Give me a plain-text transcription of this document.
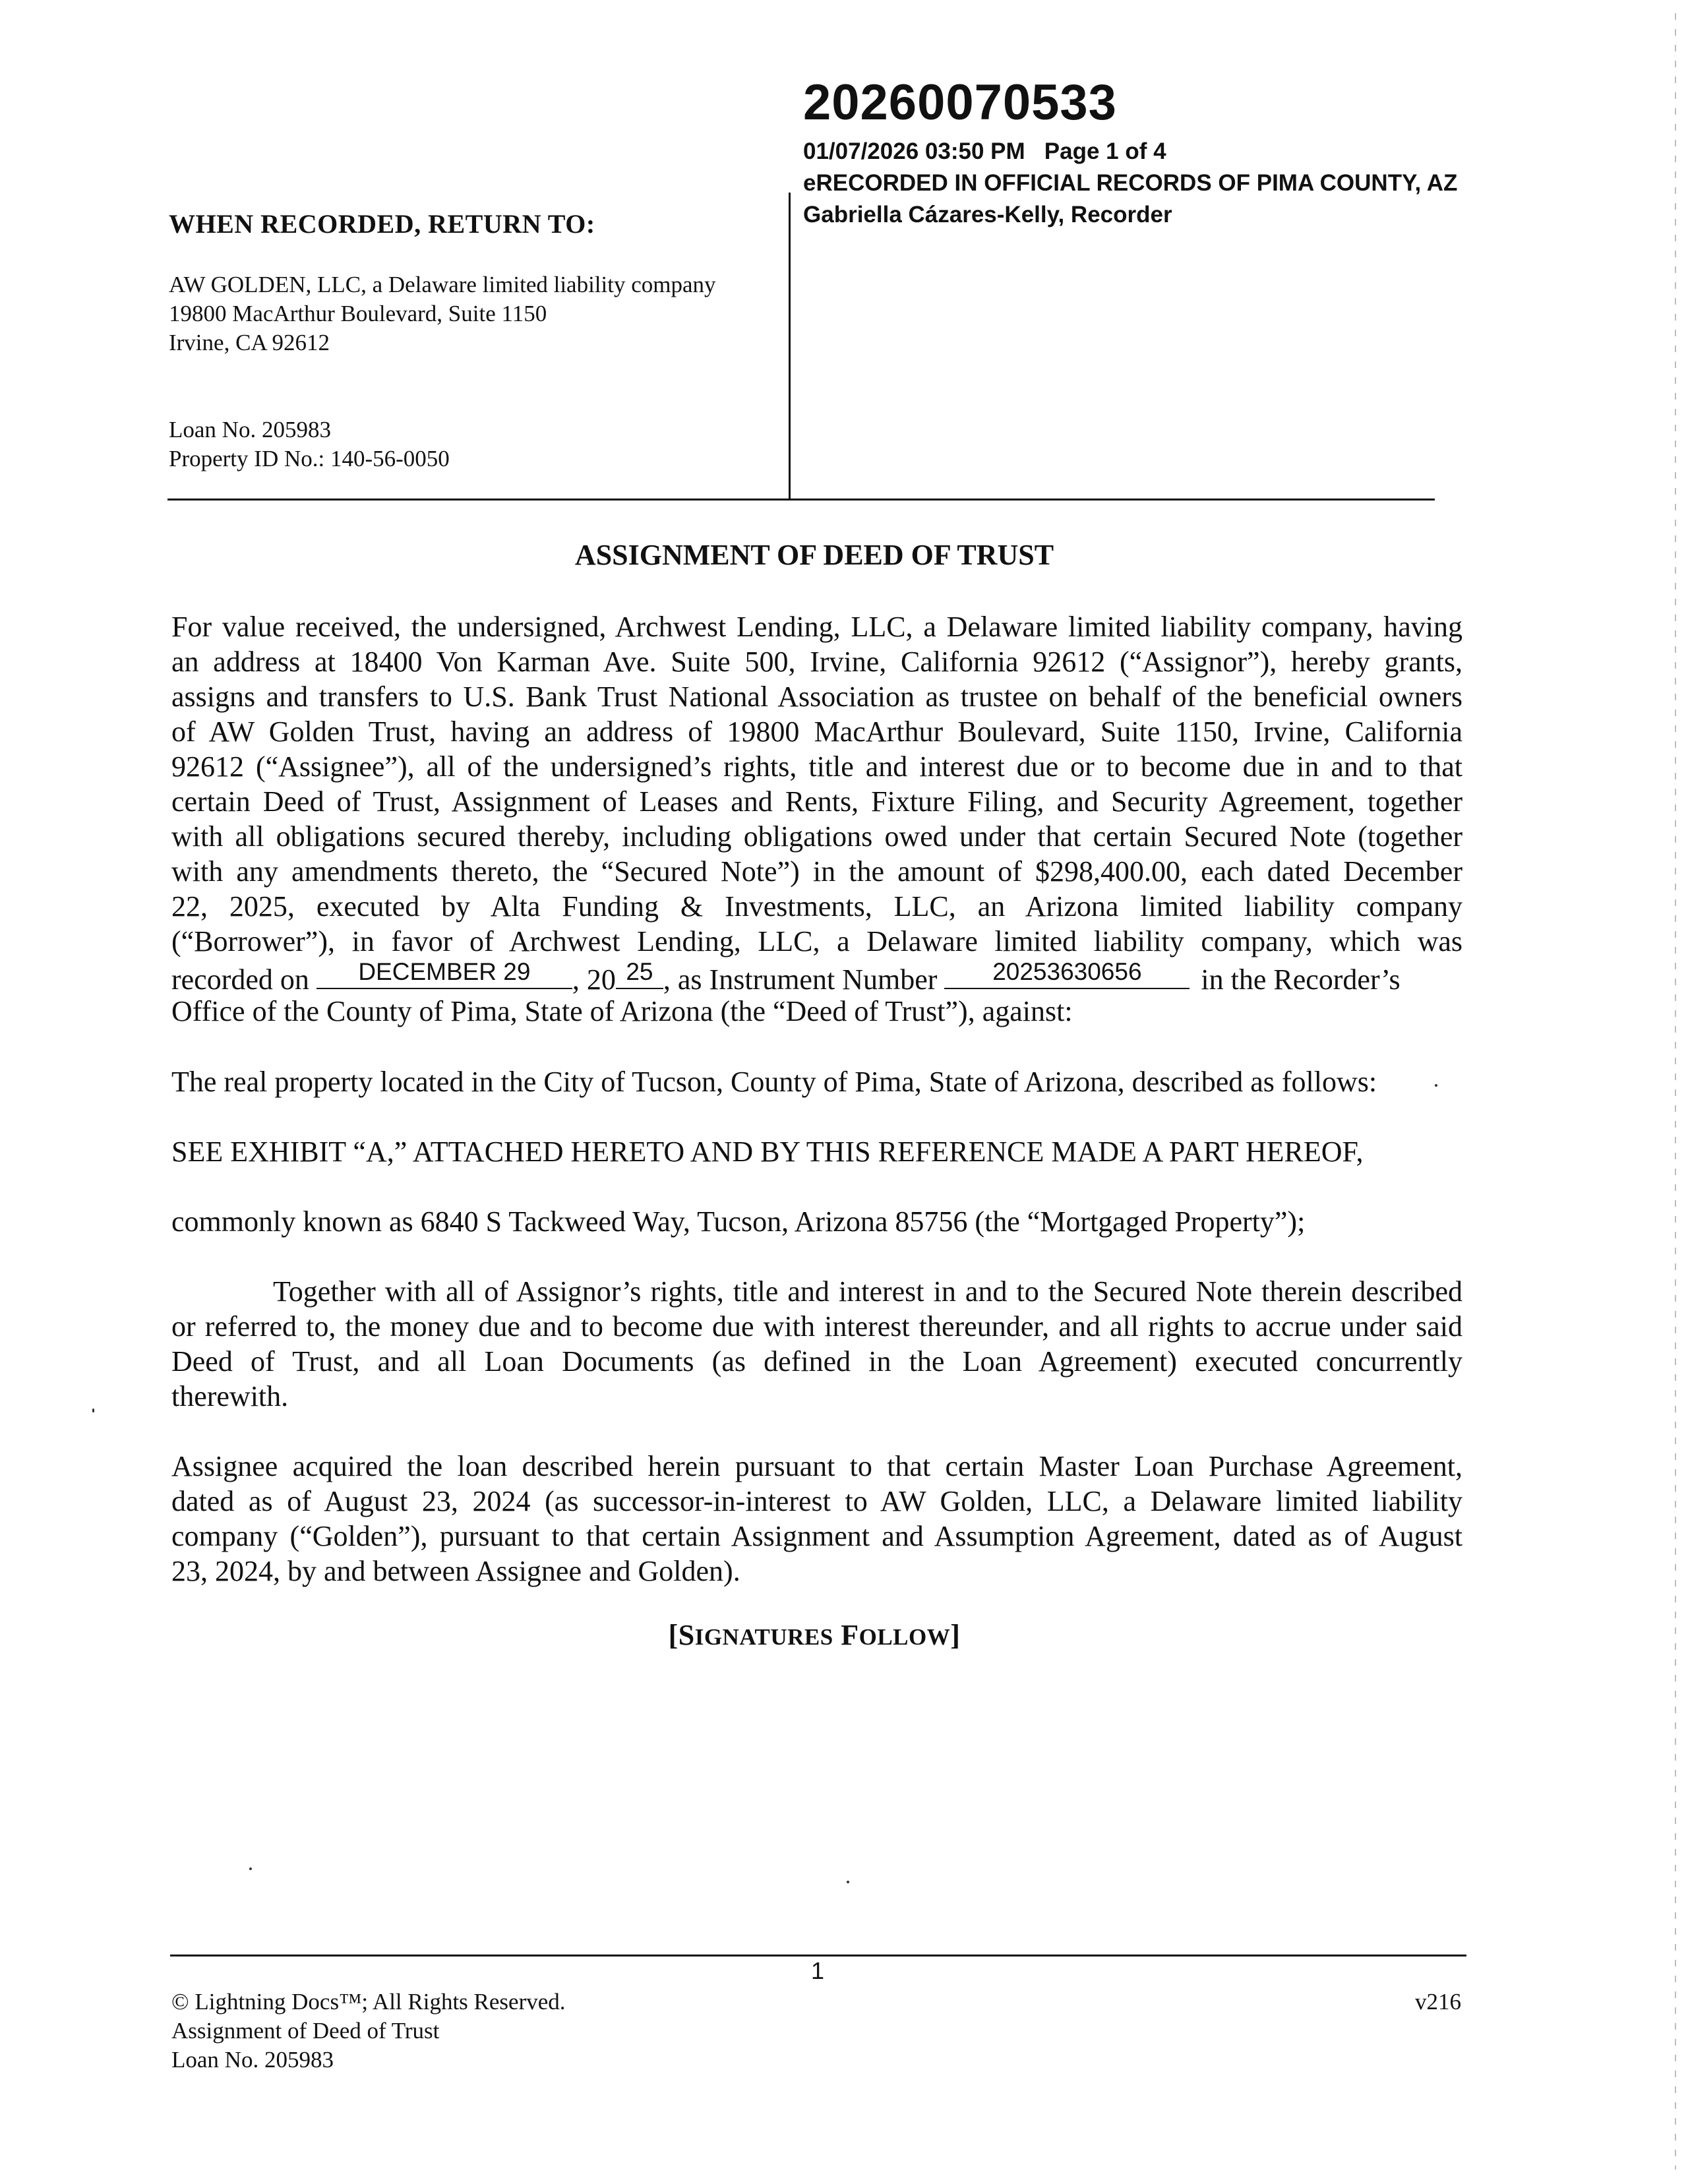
20260070533
01/07/2026 03:50 PM   Page 1 of 4
eRECORDED IN OFFICIAL RECORDS OF PIMA COUNTY, AZ
Gabriella Cázares-Kelly, Recorder
WHEN RECORDED, RETURN TO:
AW GOLDEN, LLC, a Delaware limited liability company
19800 MacArthur Boulevard, Suite 1150
Irvine, CA 92612
Loan No. 205983
Property ID No.: 140-56-0050
ASSIGNMENT OF DEED OF TRUST
For value received, the undersigned, Archwest Lending, LLC, a Delaware limited liability company, having
an address at 18400 Von Karman Ave. Suite 500, Irvine, California 92612 (“Assignor”), hereby grants,
assigns and transfers to U.S. Bank Trust National Association as trustee on behalf of the beneficial owners
of AW Golden Trust, having an address of 19800 MacArthur Boulevard, Suite 1150, Irvine, California
92612 (“Assignee”), all of the undersigned’s rights, title and interest due or to become due in and to that
certain Deed of Trust, Assignment of Leases and Rents, Fixture Filing, and Security Agreement, together
with all obligations secured thereby, including obligations owed under that certain Secured Note (together
with any amendments thereto, the “Secured Note”) in the amount of $298,400.00, each dated December
22, 2025, executed by Alta Funding & Investments, LLC, an Arizona limited liability company
(“Borrower”), in favor of Archwest Lending, LLC, a Delaware limited liability company, which was
recorded on	DECEMBER 29	, 20 25 , as Instrument Number	20253630656	in the Recorder’s
Office of the County of Pima, State of Arizona (the “Deed of Trust”), against:
The real property located in the City of Tucson, County of Pima, State of Arizona, described as follows:
SEE EXHIBIT “A,” ATTACHED HERETO AND BY THIS REFERENCE MADE A PART HEREOF,
commonly known as 6840 S Tackweed Way, Tucson, Arizona 85756 (the “Mortgaged Property”);
Together with all of Assignor’s rights, title and interest in and to the Secured Note therein described
or referred to, the money due and to become due with interest thereunder, and all rights to accrue under said
Deed of Trust, and all Loan Documents (as defined in the Loan Agreement) executed concurrently
therewith.
Assignee acquired the loan described herein pursuant to that certain Master Loan Purchase Agreement,
dated as of August 23, 2024 (as successor-in-interest to AW Golden, LLC, a Delaware limited liability
company (“Golden”), pursuant to that certain Assignment and Assumption Agreement, dated as of August
23, 2024, by and between Assignee and Golden).
[SIGNATURES FOLLOW]
1
© Lightning Docs™; All Rights Reserved.
Assignment of Deed of Trust
Loan No. 205983
v216
